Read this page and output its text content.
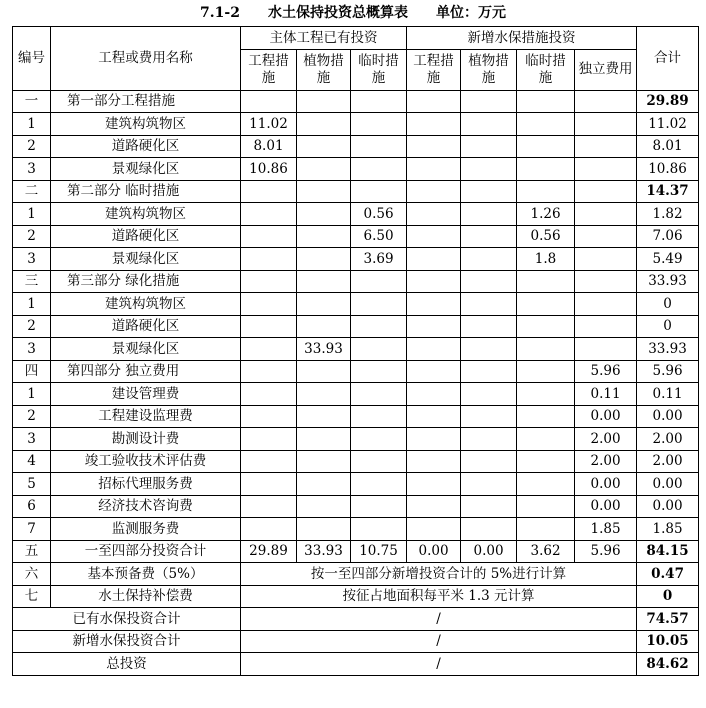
7.1-2 水土保持投资总概算表 单位：万元
编号	工程或费用名称	主体工程已有投资			新增水保措施投资				合计
		工程措施	植物措施	临时措施	工程措施	植物措施	临时措施	独立费用	
一	第一部分工程措施								29.89
1	建筑构筑物区	11.02							11.02
2	道路硬化区	8.01							8.01
3	景观绿化区	10.86							10.86
二	第二部分 临时措施								14.37
1	建筑构筑物区			0.56			1.26		1.82
2	道路硬化区			6.50			0.56		7.06
3	景观绿化区			3.69			1.8		5.49
三	第三部分 绿化措施								33.93
1	建筑构筑物区								0
2	道路硬化区								0
3	景观绿化区		33.93						33.93
四	第四部分 独立费用							5.96	5.96
1	建设管理费							0.11	0.11
2	工程建设监理费							0.00	0.00
3	勘测设计费							2.00	2.00
4	竣工验收技术评估费							2.00	2.00
5	招标代理服务费							0.00	0.00
6	经济技术咨询费							0.00	0.00
7	监测服务费							1.85	1.85
五	一至四部分投资合计	29.89	33.93	10.75	0.00	0.00	3.62	5.96	84.15
六	基本预备费（5%）	按一至四部分新增投资合计的 5%进行计算							0.47
七	水土保持补偿费	按征占地面积每平米 1.3 元计算							0
已有水保投资合计		/							74.57
新增水保投资合计		/							10.05
总投资		/							84.62
